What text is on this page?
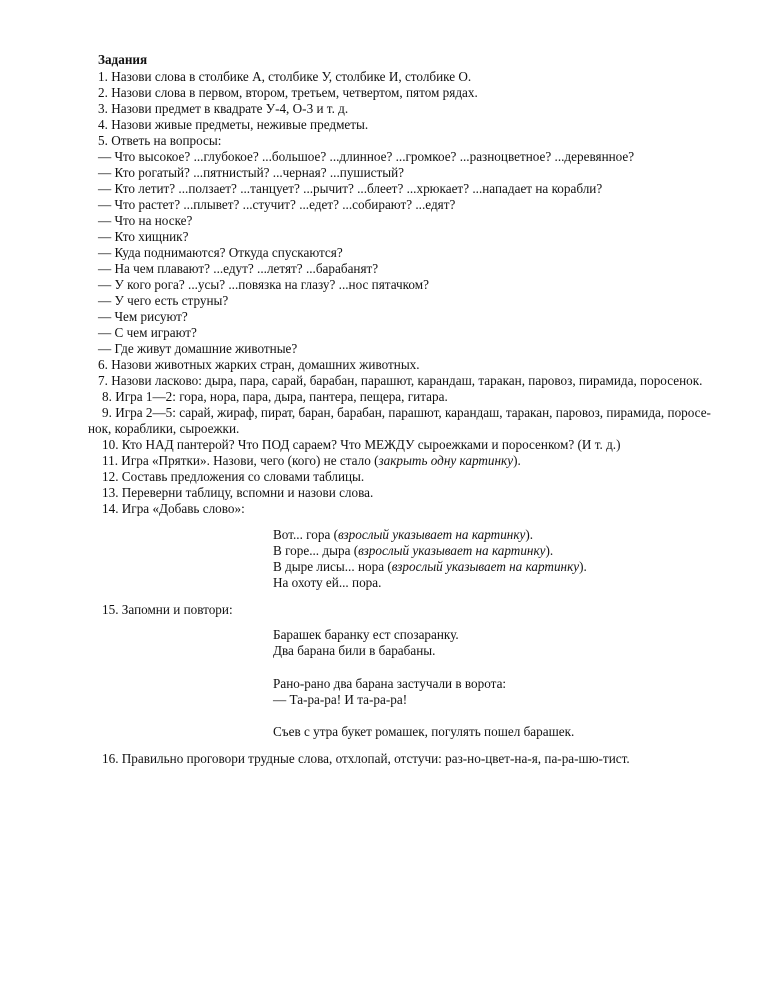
Задания
1. Назови слова в столбике А, столбике У, столбике И, столбике О.
2. Назови слова в первом, втором, третьем, четвертом, пятом рядах.
3. Назови предмет в квадрате У-4, О-3 и т. д.
4. Назови живые предметы, неживые предметы.
5. Ответь на вопросы:
— Что высокое? ...глубокое? ...большое? ...длинное? ...громкое? ...разноцветное? ...деревянное?
— Кто рогатый? ...пятнистый? ...черная? ...пушистый?
— Кто летит? ...ползает? ...танцует? ...рычит? ...блеет? ...хрюкает? ...нападает на корабли?
— Что растет? ...плывет? ...стучит? ...едет? ...собирают? ...едят?
— Что на носке?
— Кто хищник?
— Куда поднимаются? Откуда спускаются?
— На чем плавают? ...едут? ...летят? ...барабанят?
— У кого рога? ...усы? ...повязка на глазу? ...нос пятачком?
— У чего есть струны?
— Чем рисуют?
— С чем играют?
— Где живут домашние животные?
6. Назови животных жарких стран, домашних животных.
7. Назови ласково: дыра, пара, сарай, барабан, парашют, карандаш, таракан, паровоз, пирамида, поросенок.
8. Игра 1—2: гора, нора, пара, дыра, пантера, пещера, гитара.
9. Игра 2—5: сарай, жираф, пират, баран, барабан, парашют, карандаш, таракан, паровоз, пирамида, поросе-
нок, кораблики, сыроежки.
10. Кто НАД пантерой? Что ПОД сараем? Что МЕЖДУ сыроежками и поросенком? (И т. д.)
11. Игра «Прятки». Назови, чего (кого) не стало (закрыть одну картинку).
12. Составь предложения со словами таблицы.
13. Переверни таблицу, вспомни и назови слова.
14. Игра «Добавь слово»:
Вот... гора (взрослый указывает на картинку).
В горе... дыра (взрослый указывает на картинку).
В дыре лисы... нора (взрослый указывает на картинку).
На охоту ей... пора.
15. Запомни и повтори:
Барашек баранку ест спозаранку.
Два барана били в барабаны.
Рано-рано два барана застучали в ворота:
— Та-ра-ра! И та-ра-ра!
Съев с утра букет ромашек, погулять пошел барашек.
16. Правильно проговори трудные слова, отхлопай, отстучи: раз-но-цвет-на-я, па-ра-шю-тист.
